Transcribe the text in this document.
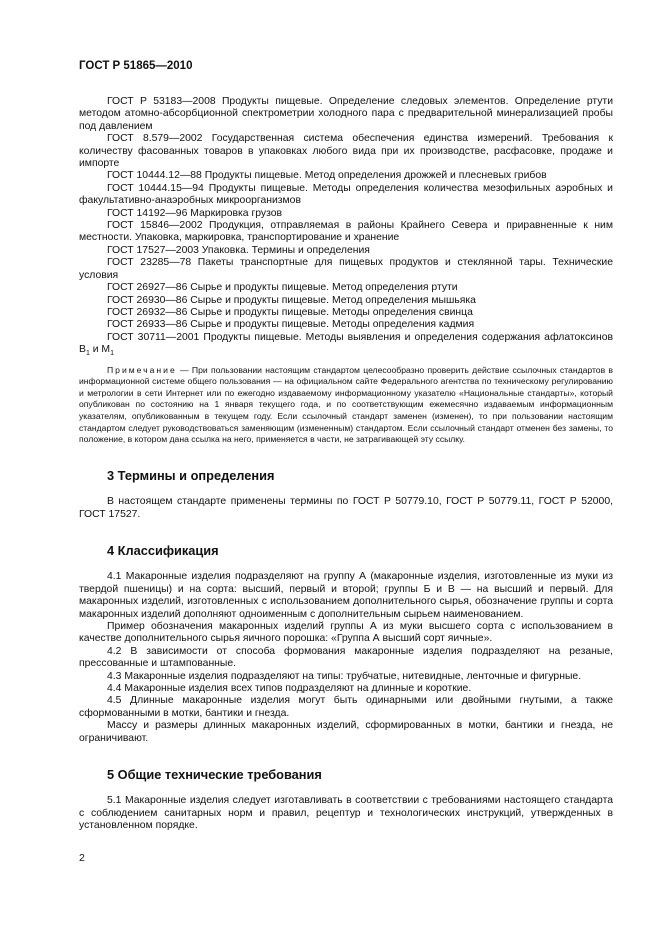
ГОСТ Р 51865—2010

ГОСТ Р 53183—2008 Продукты пищевые. Определение следовых элементов. Определение ртути методом атомно-абсорбционной спектрометрии холодного пара с предварительной минерализацией пробы под давлением

ГОСТ 8.579—2002 Государственная система обеспечения единства измерений. Требования к количеству фасованных товаров в упаковках любого вида при их производстве, расфасовке, продаже и импорте

ГОСТ 10444.12—88 Продукты пищевые. Метод определения дрожжей и плесневых грибов

ГОСТ 10444.15—94 Продукты пищевые. Методы определения количества мезофильных аэробных и факультативно-анаэробных микроорганизмов

ГОСТ 14192—96 Маркировка грузов

ГОСТ 15846—2002 Продукция, отправляемая в районы Крайнего Севера и приравненные к ним местности. Упаковка, маркировка, транспортирование и хранение

ГОСТ 17527—2003 Упаковка. Термины и определения

ГОСТ 23285—78 Пакеты транспортные для пищевых продуктов и стеклянной тары. Технические условия

ГОСТ 26927—86 Сырье и продукты пищевые. Метод определения ртути

ГОСТ 26930—86 Сырье и продукты пищевые. Метод определения мышьяка

ГОСТ 26932—86 Сырье и продукты пищевые. Методы определения свинца

ГОСТ 26933—86 Сырье и продукты пищевые. Методы определения кадмия

ГОСТ 30711—2001 Продукты пищевые. Методы выявления и определения содержания афлатоксинов $В_1$ и $М_1$

Примечание — При пользовании настоящим стандартом целесообразно проверить действие ссылочных стандартов в информационной системе общего пользования — на официальном сайте Федерального агентства по техническому регулированию и метрологии в сети Интернет или по ежегодно издаваемому информационному указателю «Национальные стандарты», который опубликован по состоянию на 1 января текущего года, и по соответствующим ежемесячно издаваемым информационным указателям, опубликованным в текущем году. Если ссылочный стандарт заменен (изменен), то при пользовании настоящим стандартом следует руководствоваться заменяющим (измененным) стандартом. Если ссылочный стандарт отменен без замены, то положение, в котором дана ссылка на него, применяется в части, не затрагивающей эту ссылку.

3 Термины и определения

В настоящем стандарте применены термины по ГОСТ Р 50779.10, ГОСТ Р 50779.11, ГОСТ Р 52000, ГОСТ 17527.

4 Классификация

4.1 Макаронные изделия подразделяют на группу А (макаронные изделия, изготовленные из муки из твердой пшеницы) и на сорта: высший, первый и второй; группы Б и В — на высший и первый. Для макаронных изделий, изготовленных с использованием дополнительного сырья, обозначение группы и сорта макаронных изделий дополняют одноименным с дополнительным сырьем наименованием.

Пример обозначения макаронных изделий группы А из муки высшего сорта с использованием в качестве дополнительного сырья яичного порошка: «Группа А высший сорт яичные».

4.2 В зависимости от способа формования макаронные изделия подразделяют на резаные, прессованные и штампованные.

4.3 Макаронные изделия подразделяют на типы: трубчатые, нитевидные, ленточные и фигурные.

4.4 Макаронные изделия всех типов подразделяют на длинные и короткие.

4.5 Длинные макаронные изделия могут быть одинарными или двойными гнутыми, а также сформованными в мотки, бантики и гнезда.

Массу и размеры длинных макаронных изделий, сформированных в мотки, бантики и гнезда, не ограничивают.

5 Общие технические требования

5.1 Макаронные изделия следует изготавливать в соответствии с требованиями настоящего стандарта с соблюдением санитарных норм и правил, рецептур и технологических инструкций, утвержденных в установленном порядке.

2
